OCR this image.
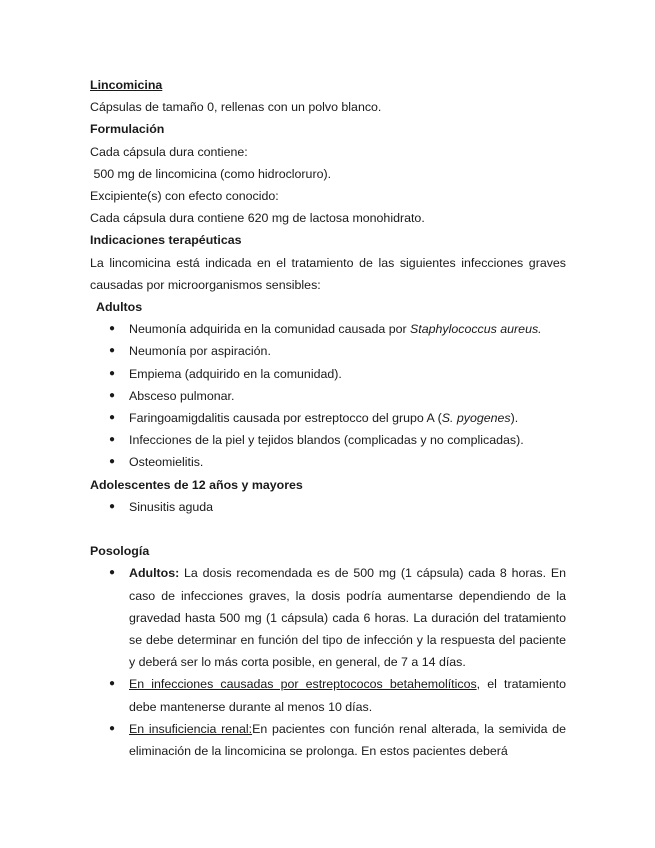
Lincomicina

Cápsulas de tamaño 0, rellenas con un polvo blanco.

Formulación

Cada cápsula dura contiene:

500 mg de lincomicina (como hidrocloruro).

Excipiente(s) con efecto conocido:

Cada cápsula dura contiene 620 mg de lactosa monohidrato.

Indicaciones terapéuticas

La lincomicina está indicada en el tratamiento de las siguientes infecciones graves causadas por microorganismos sensibles:

Adultos

● Neumonía adquirida en la comunidad causada por Staphylococcus aureus.
● Neumonía por aspiración.
● Empiema (adquirido en la comunidad).
● Absceso pulmonar.
● Faringoamigdalitis causada por estreptocco del grupo A (S. pyogenes).
● Infecciones de la piel y tejidos blandos (complicadas y no complicadas).
● Osteomielitis.

Adolescentes de 12 años y mayores

● Sinusitis aguda

Posología

● Adultos: La dosis recomendada es de 500 mg (1 cápsula) cada 8 horas. En caso de infecciones graves, la dosis podría aumentarse dependiendo de la gravedad hasta 500 mg (1 cápsula) cada 6 horas. La duración del tratamiento se debe determinar en función del tipo de infección y la respuesta del paciente y deberá ser lo más corta posible, en general, de 7 a 14 días.
● En infecciones causadas por estreptococos betahemolíticos, el tratamiento debe mantenerse durante al menos 10 días.
● En insuficiencia renal:En pacientes con función renal alterada, la semivida de eliminación de la lincomicina se prolonga. En estos pacientes deberá
